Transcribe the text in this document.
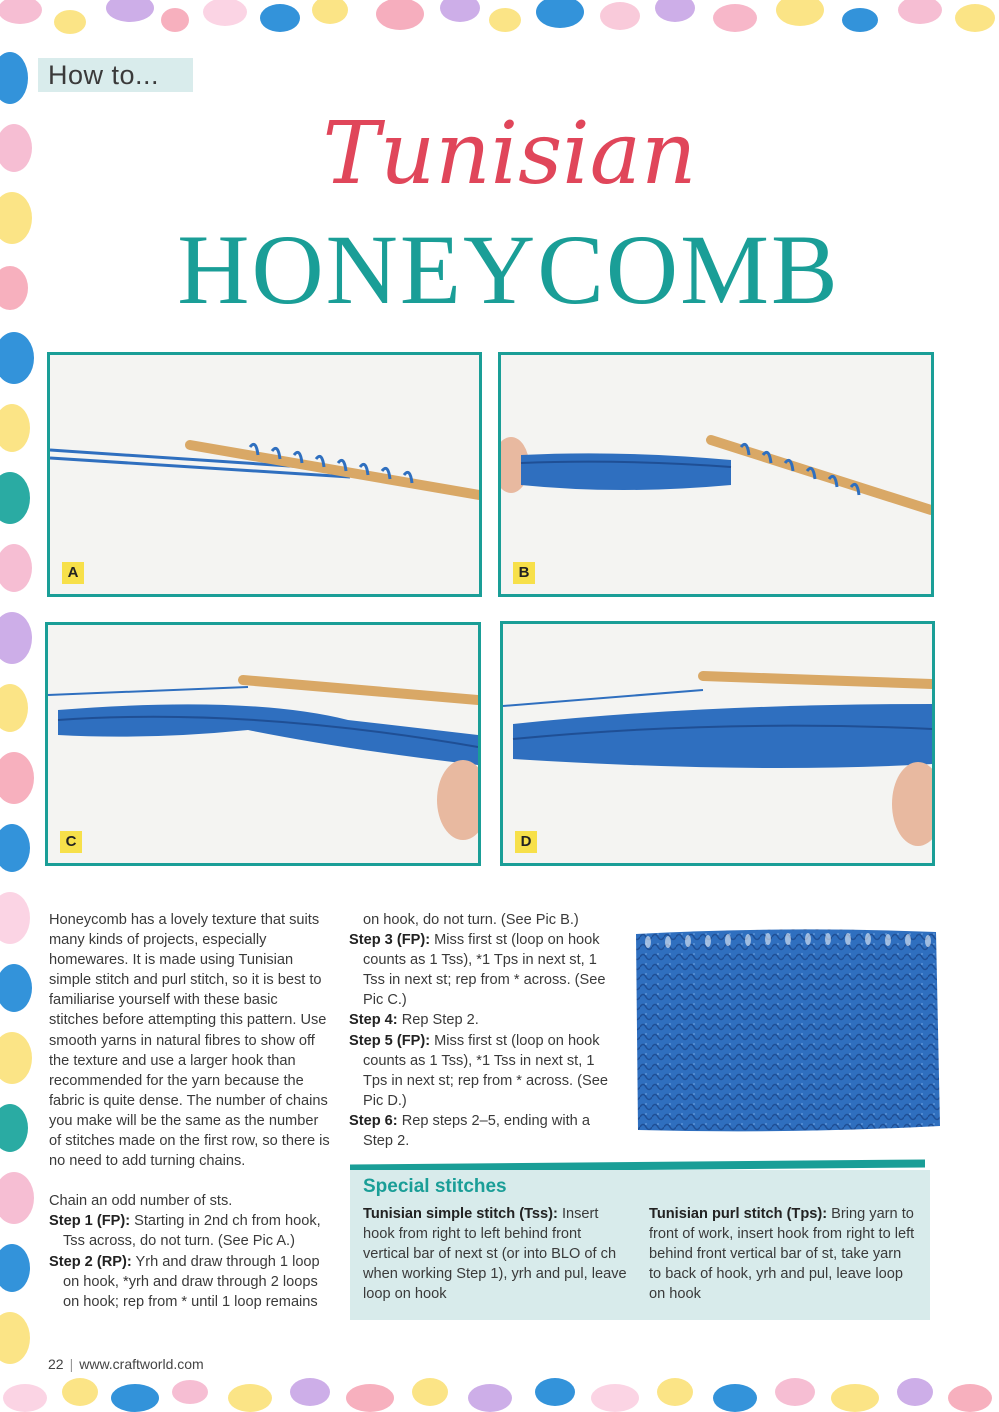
How to...
Tunisian
HONEYCOMB
A	B
C	D

Honeycomb has a lovely texture that suits many kinds of projects, especially homewares. It is made using Tunisian simple stitch and purl stitch, so it is best to familiarise yourself with these basic stitches before attempting this pattern. Use smooth yarns in natural fibres to show off the texture and use a larger hook than recommended for the yarn because the fabric is quite dense. The number of chains you make will be the same as the number of stitches made on the first row, so there is no need to add turning chains.

Chain an odd number of sts.

Step 1 (FP): Starting in 2nd ch from hook, Tss across, do not turn. (See Pic A.)

Step 2 (RP): Yrh and draw through 1 loop on hook, *yrh and draw through 2 loops on hook; rep from * until 1 loop remains

on hook, do not turn. (See Pic B.)

Step 3 (FP): Miss first st (loop on hook counts as 1 Tss), *1 Tps in next st, 1 Tss in next st; rep from * across. (See Pic C.)

Step 4: Rep Step 2.

Step 5 (FP): Miss first st (loop on hook counts as 1 Tss), *1 Tss in next st, 1 Tps in next st; rep from * across. (See Pic D.)

Step 6: Rep steps 2–5, ending with a Step 2.

Special stitches
Tunisian simple stitch (Tss): Insert hook from right to left behind front vertical bar of next st (or into BLO of ch when working Step 1), yrh and pul, leave loop on hook
Tunisian purl stitch (Tps): Bring yarn to front of work, insert hook from right to left behind front vertical bar of st, take yarn to back of hook, yrh and pul, leave loop on hook
22 | www.craftworld.com
